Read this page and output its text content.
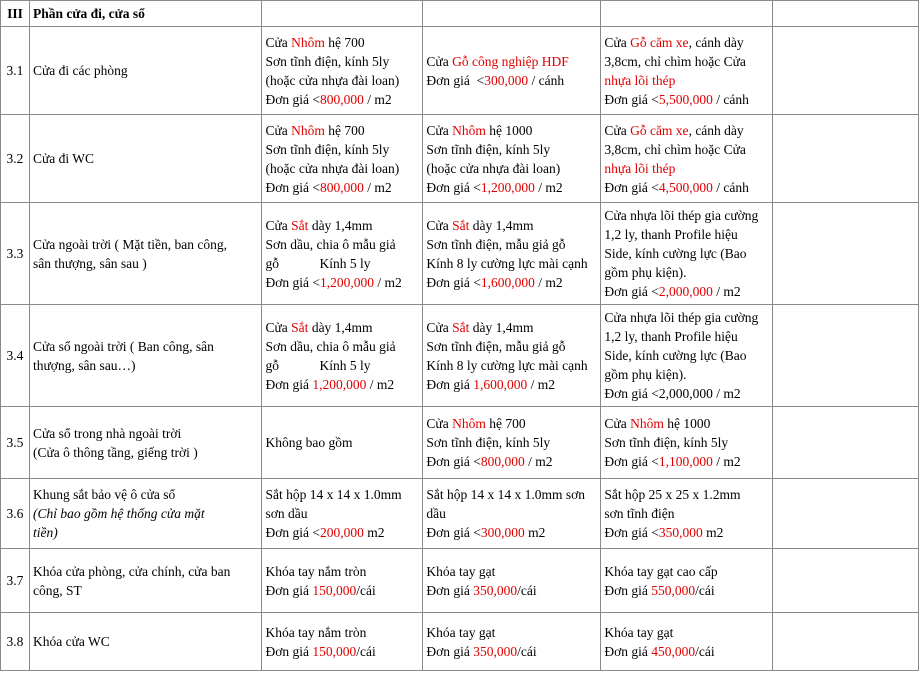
III	Phần cửa đi, cửa sổ				
3.1	Cửa đi các phòng	Cửa Nhôm hệ 700
Sơn tĩnh điện, kính 5ly
(hoặc cửa nhựa đài loan)
Đơn giá <800,000 / m2	Cửa Gỗ công nghiệp HDF
Đơn giá  <300,000 / cánh	Cửa Gỗ căm xe, cánh dày
3,8cm, chỉ chìm hoặc Cửa
nhựa lõi thép
Đơn giá <5,500,000 / cánh	

3.2	Cửa đi WC	Cửa Nhôm hệ 700
Sơn tĩnh điện, kính 5ly
(hoặc cửa nhựa đài loan)
Đơn giá <800,000 / m2	Cửa Nhôm hệ 1000
Sơn tĩnh điện, kính 5ly
(hoặc cửa nhựa đài loan)
Đơn giá <1,200,000 / m2	Cửa Gỗ căm xe, cánh dày
3,8cm, chỉ chìm hoặc Cửa
nhựa lõi thép
Đơn giá <4,500,000 / cánh	

3.3	Cửa ngoài trời ( Mặt tiền, ban công,
sân thượng, sân sau )	Cửa Sắt dày 1,4mm
Sơn dầu, chia ô mẫu giả
gỗ            Kính 5 ly
Đơn giá <1,200,000 / m2	Cửa Sắt dày 1,4mm
Sơn tĩnh điện, mẫu giả gỗ
Kính 8 ly cường lực mài cạnh
Đơn giá <1,600,000 / m2	Cửa nhựa lõi thép gia cường
1,2 ly, thanh Profile hiệu
Side, kính cường lực (Bao
gồm phụ kiện).
Đơn giá <2,000,000 / m2	

3.4	Cửa sổ ngoài trời ( Ban công, sân
thượng, sân sau…)	Cửa Sắt dày 1,4mm
Sơn dầu, chia ô mẫu giả
gỗ            Kính 5 ly
Đơn giá 1,200,000 / m2	Cửa Sắt dày 1,4mm
Sơn tĩnh điện, mẫu giả gỗ
Kính 8 ly cường lực mài cạnh
Đơn giá 1,600,000 / m2	Cửa nhựa lõi thép gia cường
1,2 ly, thanh Profile hiệu
Side, kính cường lực (Bao
gồm phụ kiện).
Đơn giá <2,000,000 / m2	

3.5	Cửa sổ trong nhà ngoài trời
(Cửa ô thông tầng, giếng trời )	Không bao gồm	Cửa Nhôm hệ 700
Sơn tĩnh điện, kính 5ly
Đơn giá <800,000 / m2	Cửa Nhôm hệ 1000
Sơn tĩnh điện, kính 5ly
Đơn giá <1,100,000 / m2	

3.6	Khung sắt bảo vệ ô cửa sổ
(Chỉ bao gồm hệ thống cửa mặt
tiền)	Sắt hộp 14 x 14 x 1.0mm
sơn dầu
Đơn giá <200,000 m2	Sắt hộp 14 x 14 x 1.0mm sơn
dầu
Đơn giá <300,000 m2	Sắt hộp 25 x 25 x 1.2mm
sơn tĩnh điện
Đơn giá <350,000 m2	

3.7	Khóa cửa phòng, cửa chính, cửa ban
công, ST	Khóa tay nắm tròn
Đơn giá 150,000/cái	Khóa tay gạt
Đơn giá 350,000/cái	Khóa tay gạt cao cấp
Đơn giá 550,000/cái	

3.8	Khóa cửa WC	Khóa tay nắm tròn
Đơn giá 150,000/cái	Khóa tay gạt
Đơn giá 350,000/cái	Khóa tay gạt
Đơn giá 450,000/cái	
